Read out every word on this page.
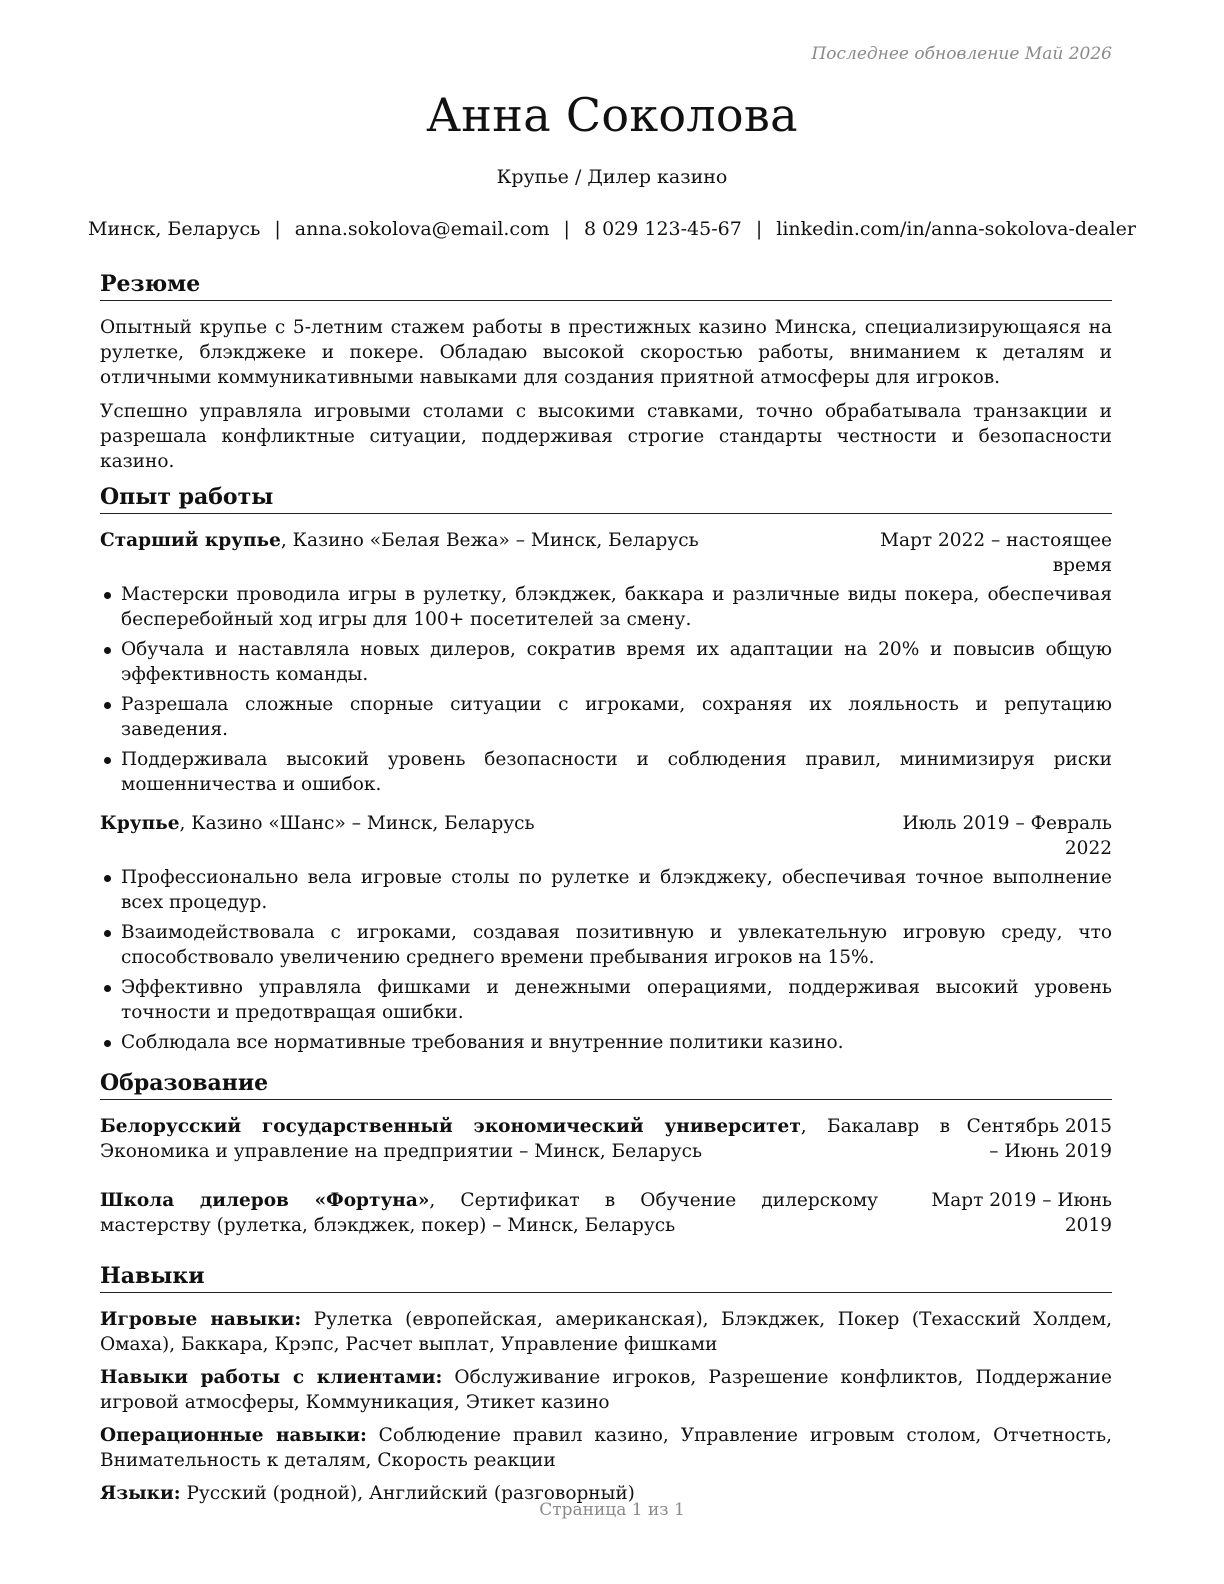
Последнее обновление Май 2026
Анна Соколова
Крупье / Дилер казино
Минск, Беларусь | anna.sokolova@email.com | 8 029 123-45-67 | linkedin.com/in/anna-sokolova-dealer
Резюме

Опытный крупье с 5-летним стажем работы в престижных казино Минска, специализирующаяся на рулетке, блэкджеке и покере. Обладаю высокой скоростью работы, вниманием к деталям и отличными коммуникативными навыками для создания приятной атмосферы для игроков.

Успешно управляла игровыми столами с высокими ставками, точно обрабатывала транзакции и разрешала конфликтные ситуации, поддерживая строгие стандарты честности и безопасности казино.

Опыт работы
Старший крупье, Казино «Белая Вежа» – Минск, Беларусь	Март 2022 – настоящее время
Мастерски проводила игры в рулетку, блэкджек, баккара и различные виды покера, обеспечивая бесперебойный ход игры для 100+ посетителей за смену.
Обучала и наставляла новых дилеров, сократив время их адаптации на 20% и повысив общую эффективность команды.
Разрешала сложные спорные ситуации с игроками, сохраняя их лояльность и репутацию заведения.
Поддерживала высокий уровень безопасности и соблюдения правил, минимизируя риски мошенничества и ошибок.
Крупье, Казино «Шанс» – Минск, Беларусь	Июль 2019 – Февраль 2022
Профессионально вела игровые столы по рулетке и блэкджеку, обеспечивая точное выполнение всех процедур.
Взаимодействовала с игроками, создавая позитивную и увлекательную игровую среду, что способствовало увеличению среднего времени пребывания игроков на 15%.
Эффективно управляла фишками и денежными операциями, поддерживая высокий уровень точности и предотвращая ошибки.
Соблюдала все нормативные требования и внутренние политики казино.
Образование
Белорусский государственный экономический университет, Бакалавр в Экономика и управление на предприятии – Минск, Беларусь
Сентябрь 2015 – Июнь 2019
Школа дилеров «Фортуна», Сертификат в Обучение дилерскому мастерству (рулетка, блэкджек, покер) – Минск, Беларусь
Март 2019 – Июнь 2019
Навыки

Игровые навыки: Рулетка (европейская, американская), Блэкджек, Покер (Техасский Холдем, Омаха), Баккара, Крэпс, Расчет выплат, Управление фишками

Навыки работы с клиентами: Обслуживание игроков, Разрешение конфликтов, Поддержание игровой атмосферы, Коммуникация, Этикет казино

Операционные навыки: Соблюдение правил казино, Управление игровым столом, Отчетность, Внимательность к деталям, Скорость реакции

Языки: Русский (родной), Английский (разговорный)

Страница 1 из 1
